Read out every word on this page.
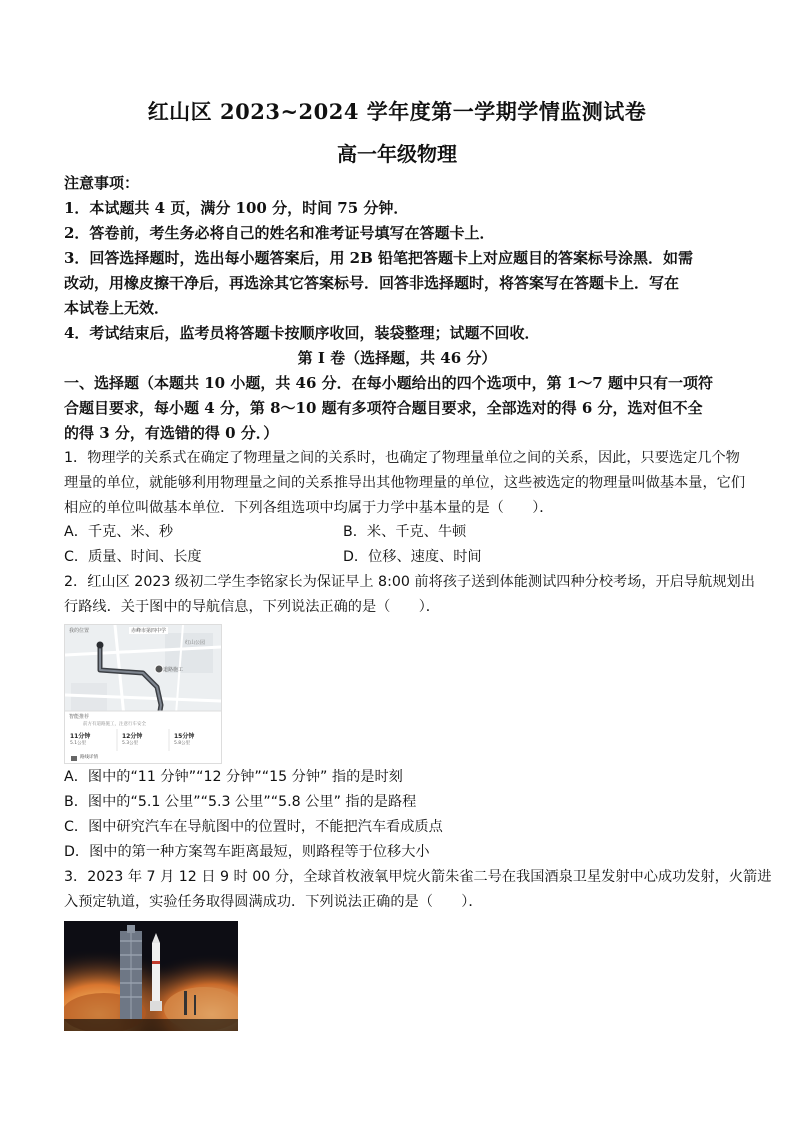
红山区 2023~2024 学年度第一学期学情监测试卷
高一年级物理
注意事项：
1．本试题共 4 页，满分 100 分，时间 75 分钟．
2．答卷前，考生务必将自己的姓名和准考证号填写在答题卡上．
3．回答选择题时，选出每小题答案后，用 2B 铅笔把答题卡上对应题目的答案标号涂黑．如需
改动，用橡皮擦干净后，再选涂其它答案标号．回答非选择题时，将答案写在答题卡上．写在
本试卷上无效．
4．考试结束后，监考员将答题卡按顺序收回，装袋整理；试题不回收．
第 I 卷（选择题，共 46 分）
一、选择题（本题共 10 小题，共 46 分．在每小题给出的四个选项中，第 1～7 题中只有一项符
合题目要求，每小题 4 分，第 8～10 题有多项符合题目要求，全部选对的得 6 分，选对但不全
的得 3 分，有选错的得 0 分．）
1．物理学的关系式在确定了物理量之间的关系时，也确定了物理量单位之间的关系，因此，只要选定几个物
理量的单位，就能够利用物理量之间的关系推导出其他物理量的单位，这些被选定的物理量叫做基本量，它们
相应的单位叫做基本单位．下列各组选项中均属于力学中基本量的是（　　）．
A．千克、米、秒	B．米、千克、牛顿
C．质量、时间、长度	D．位移、速度、时间
2．红山区 2023 级初二学生李铭家长为保证早上 8:00 前将孩子送到体能测试四种分校考场，开启导航规划出
行路线．关于图中的导航信息，下列说法正确的是（　　）．
我的位置	赤峰市第四中学
红山公园
道路施工
智能推荐
前方有道路施工，注意行车安全
11分钟
5.1公里
12分钟
5.3公里
15分钟
5.8公里
路线详情
A．图中的“11 分钟”“12 分钟”“15 分钟” 指的是时刻
B．图中的“5.1 公里”“5.3 公里”“5.8 公里” 指的是路程
C．图中研究汽车在导航图中的位置时，不能把汽车看成质点
D．图中的第一种方案驾车距离最短，则路程等于位移大小
3．2023 年 7 月 12 日 9 时 00 分，全球首枚液氧甲烷火箭朱雀二号在我国酒泉卫星发射中心成功发射，火箭进
入预定轨道，实验任务取得圆满成功．下列说法正确的是（　　）．
